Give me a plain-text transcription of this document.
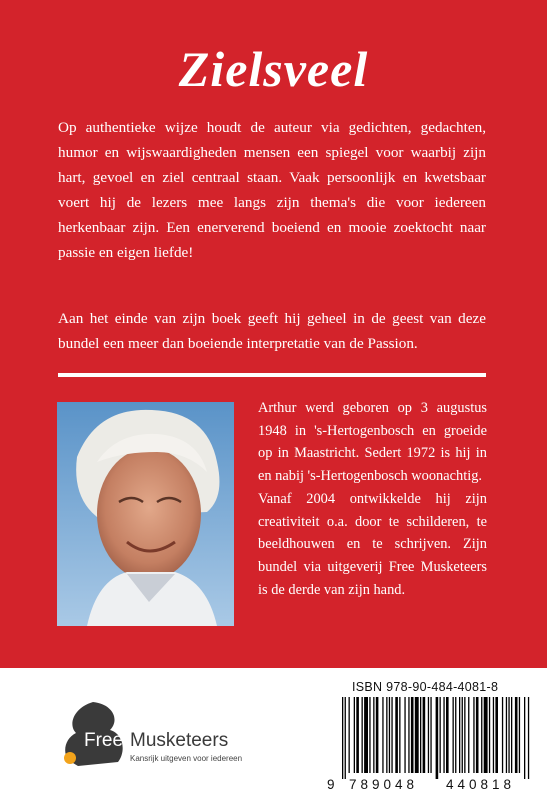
Zielsveel

Op authentieke wijze houdt de auteur via gedichten, gedachten, humor en wijswaardigheden mensen een spiegel voor waarbij zijn hart, gevoel en ziel centraal staan. Vaak persoonlijk en kwetsbaar voert hij de lezers mee langs zijn thema's die voor iedereen herkenbaar zijn. Een enerverend boeiend en mooie zoektocht naar passie en eigen liefde!

Aan het einde van zijn boek geeft hij geheel in de geest van deze bundel een meer dan boeiende interpretatie van de Passion.

Arthur werd geboren op 3 augustus 1948 in 's-Hertogenbosch en groeide op in Maastricht. Sedert 1972 is hij in en nabij 's-Hertogenbosch woonachtig.
Vanaf 2004 ontwikkelde hij zijn creativiteit o.a. door te schilderen, te beeldhouwen en te schrijven. Zijn bundel via uitgeverij Free Musketeers is de derde van zijn hand.
Free Musketeers
Kansrijk uitgeven voor iedereen
ISBN 978-90-484-4081-8
9 789048 440818
